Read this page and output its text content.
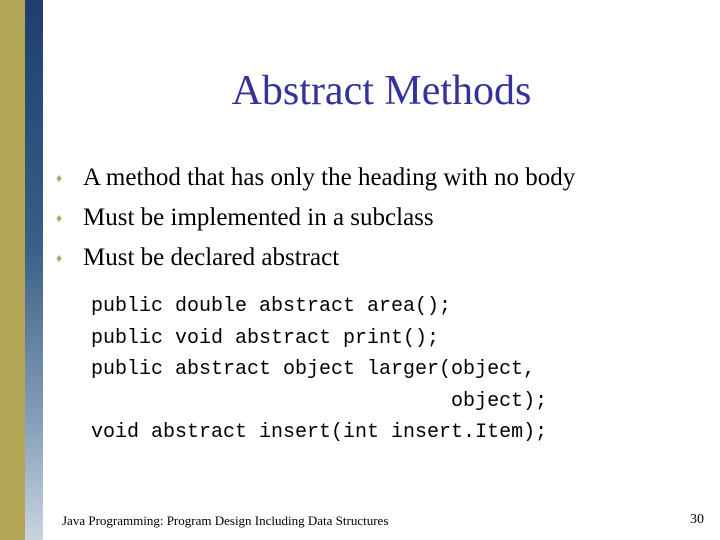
Abstract Methods
♦ A method that has only the heading with no body
♦ Must be implemented in a subclass
♦ Must be declared abstract
public double abstract area();
public void abstract print();
public abstract object larger(object,
object);
void abstract insert(int insert.Item);
Java Programming: Program Design Including Data Structures	30
